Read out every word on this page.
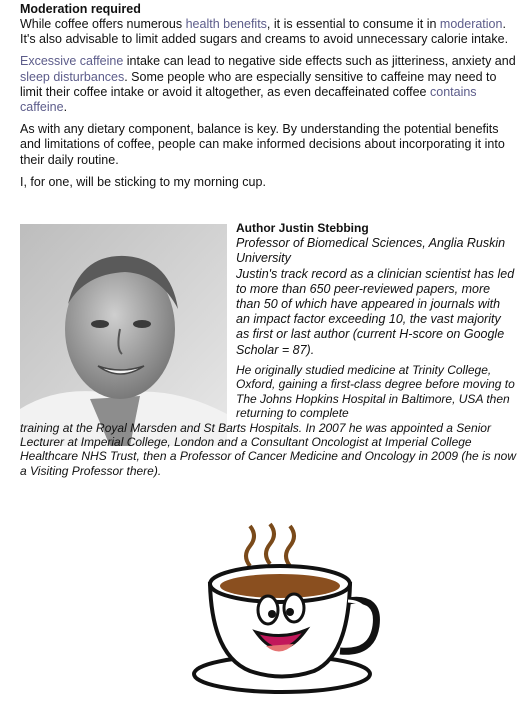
Moderation required

While coffee offers numerous health benefits, it is essential to consume it in moderation. It's also advisable to limit added sugars and creams to avoid unnecessary calorie intake.

Excessive caffeine intake can lead to negative side effects such as jitteriness, anxiety and sleep disturbances. Some people who are especially sensitive to caffeine may need to limit their coffee intake or avoid it altogether, as even decaffeinated coffee contains caffeine.

As with any dietary component, balance is key. By understanding the potential benefits and limitations of coffee, people can make informed decisions about incorporating it into their daily routine.

I, for one, will be sticking to my morning cup.

Author Justin Stebbing

Professor of Biomedical Sciences, Anglia Ruskin University

Justin's track record as a clinician scientist has led to more than 650 peer-reviewed papers, more than 50 of which have appeared in journals with an impact factor exceeding 10, the vast majority as first or last author (current H-score on Google Scholar = 87).

He originally studied medicine at Trinity College, Oxford, gaining a first-class degree before moving to The Johns Hopkins Hospital in Baltimore, USA then returning to complete
training at the Royal Marsden and St Barts Hospitals. In 2007 he was appointed a Senior Lecturer at Imperial College, London and a Consultant Oncologist at Imperial College Healthcare NHS Trust, then a Professor of Cancer Medicine and Oncology in 2009 (he is now a Visiting Professor there).
